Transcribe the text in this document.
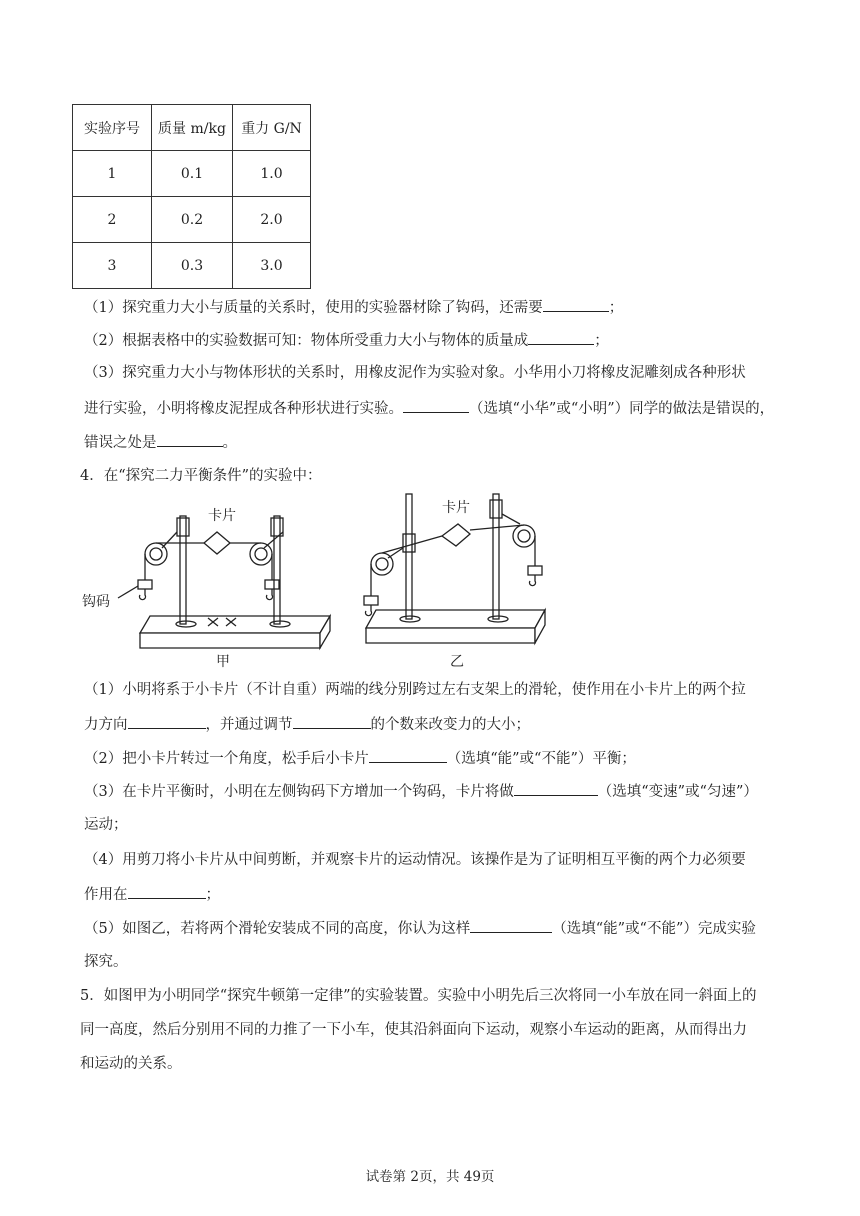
实验序号	质量 m/kg	重力 G/N
1	0.1	1.0
2	0.2	2.0
3	0.3	3.0
（1）探究重力大小与质量的关系时，使用的实验器材除了钩码，还需要	；
（2）根据表格中的实验数据可知：物体所受重力大小与物体的质量成	；
（3）探究重力大小与物体形状的关系时，用橡皮泥作为实验对象。小华用小刀将橡皮泥雕刻成各种形状
进行实验，小明将橡皮泥捏成各种形状进行实验。	（选填“小华”或“小明”）同学的做法是错误的，
错误之处是	。
4．在“探究二力平衡条件”的实验中：
卡片	卡片
钩码
甲	乙
（1）小明将系于小卡片（不计自重）两端的线分别跨过左右支架上的滑轮，使作用在小卡片上的两个拉
力方向	，并通过调节	的个数来改变力的大小；
（2）把小卡片转过一个角度，松手后小卡片	（选填“能”或“不能”）平衡；
（3）在卡片平衡时，小明在左侧钩码下方增加一个钩码，卡片将做	（选填“变速”或“匀速”）
运动；
（4）用剪刀将小卡片从中间剪断，并观察卡片的运动情况。该操作是为了证明相互平衡的两个力必须要
作用在	；
（5）如图乙，若将两个滑轮安装成不同的高度，你认为这样	（选填“能”或“不能”）完成实验
探究。
5．如图甲为小明同学“探究牛顿第一定律”的实验装置。实验中小明先后三次将同一小车放在同一斜面上的
同一高度，然后分别用不同的力推了一下小车，使其沿斜面向下运动，观察小车运动的距离，从而得出力
和运动的关系。
试卷第 2页，共 49页
